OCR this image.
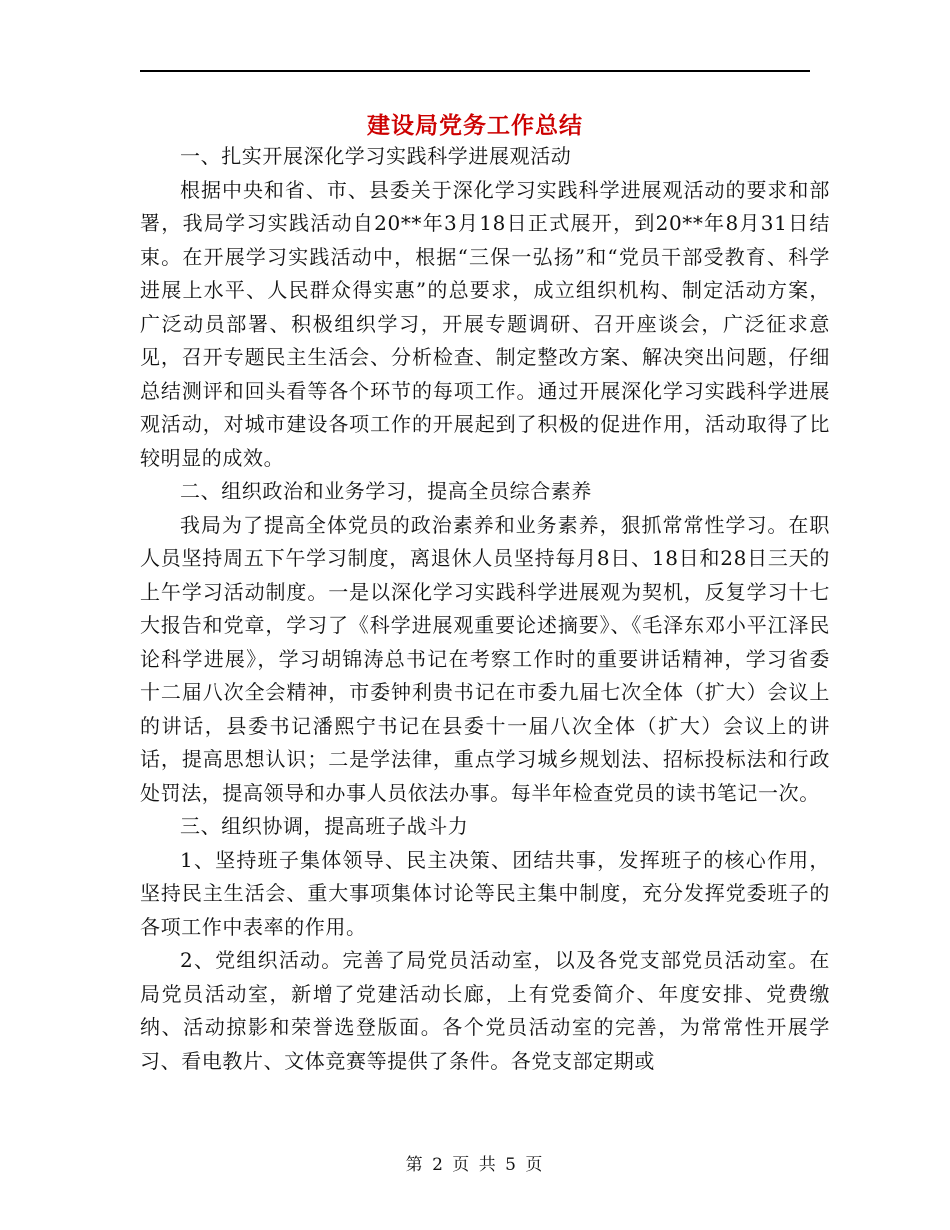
建设局党务工作总结

一、扎实开展深化学习实践科学进展观活动

根据中央和省、市、县委关于深化学习实践科学进展观活动的要求和部署，我局学习实践活动自20**年3月18日正式展开，到20**年8月31日结束。在开展学习实践活动中，根据“三保一弘扬”和“党员干部受教育、科学进展上水平、人民群众得实惠”的总要求，成立组织机构、制定活动方案，广泛动员部署、积极组织学习，开展专题调研、召开座谈会，广泛征求意见，召开专题民主生活会、分析检查、制定整改方案、解决突出问题，仔细总结测评和回头看等各个环节的每项工作。通过开展深化学习实践科学进展观活动，对城市建设各项工作的开展起到了积极的促进作用，活动取得了比较明显的成效。

二、组织政治和业务学习，提高全员综合素养

我局为了提高全体党员的政治素养和业务素养，狠抓常常性学习。在职人员坚持周五下午学习制度，离退休人员坚持每月8日、18日和28日三天的上午学习活动制度。一是以深化学习实践科学进展观为契机，反复学习十七大报告和党章，学习了《科学进展观重要论述摘要》、《毛泽东邓小平江泽民论科学进展》，学习胡锦涛总书记在考察工作时的重要讲话精神，学习省委十二届八次全会精神，市委钟利贵书记在市委九届七次全体（扩大）会议上的讲话，县委书记潘熙宁书记在县委十一届八次全体（扩大）会议上的讲话，提高思想认识；二是学法律，重点学习城乡规划法、招标投标法和行政处罚法，提高领导和办事人员依法办事。每半年检查党员的读书笔记一次。

三、组织协调，提高班子战斗力

1、坚持班子集体领导、民主决策、团结共事，发挥班子的核心作用，坚持民主生活会、重大事项集体讨论等民主集中制度，充分发挥党委班子的各项工作中表率的作用。

2、党组织活动。完善了局党员活动室，以及各党支部党员活动室。在局党员活动室，新增了党建活动长廊，上有党委简介、年度安排、党费缴纳、活动掠影和荣誉选登版面。各个党员活动室的完善，为常常性开展学习、看电教片、文体竞赛等提供了条件。各党支部定期或

第 2 页 共 5 页
